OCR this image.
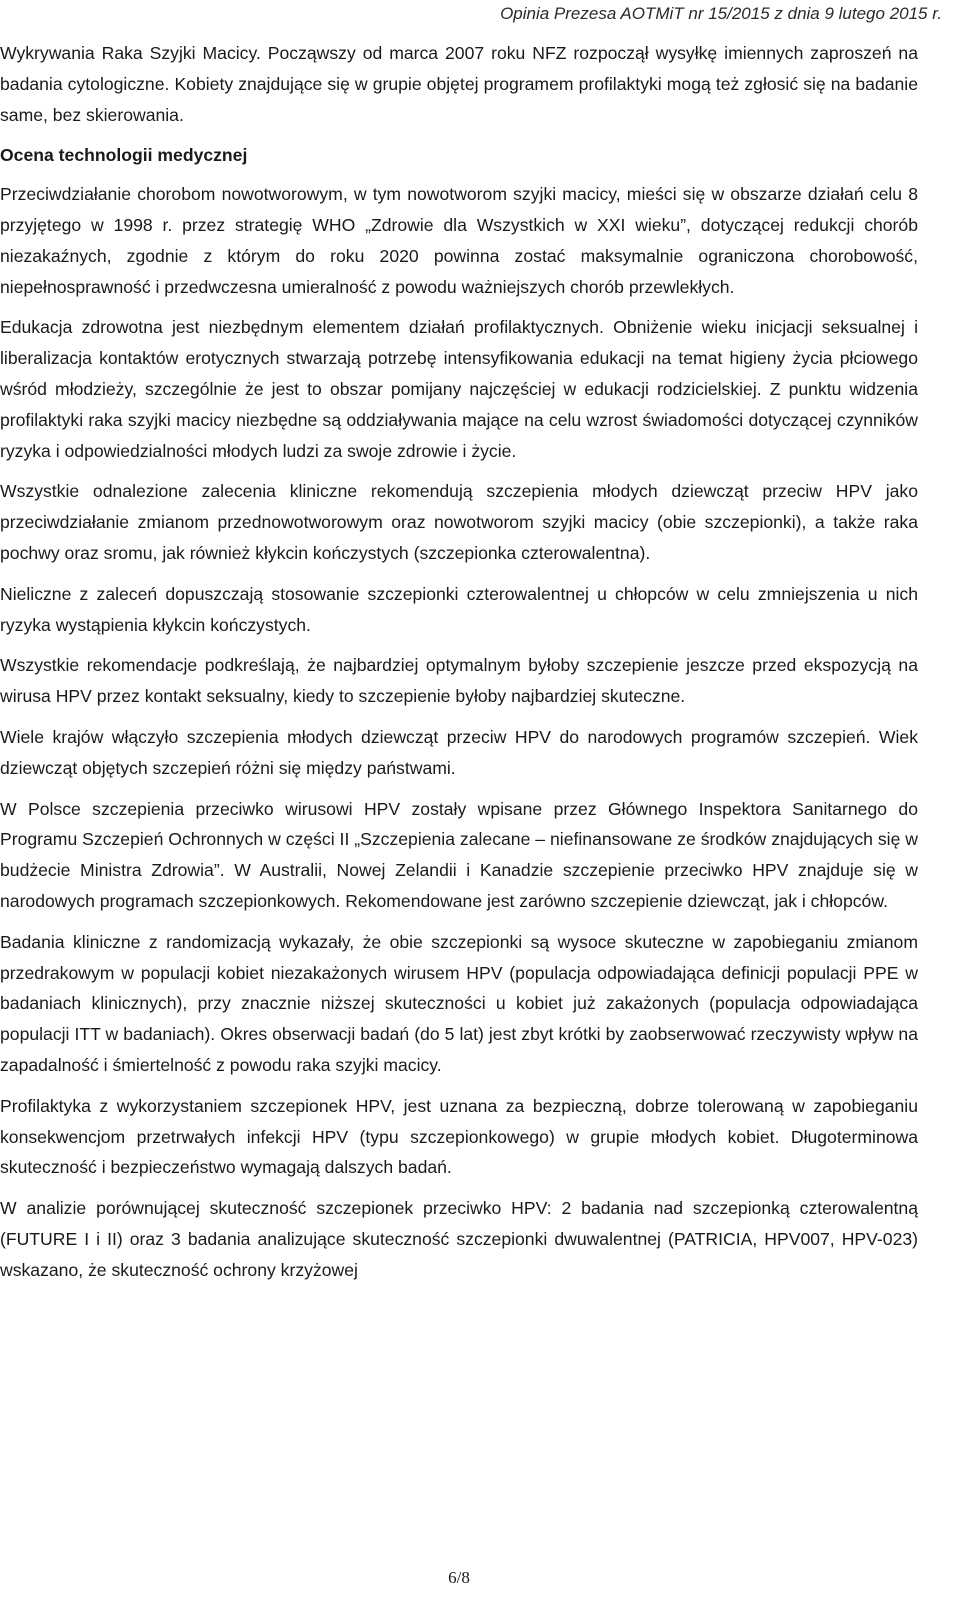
Opinia Prezesa AOTMiT nr 15/2015 z dnia 9 lutego 2015 r.

Wykrywania Raka Szyjki Macicy. Począwszy od marca 2007 roku NFZ rozpoczął wysyłkę imiennych zaproszeń na badania cytologiczne. Kobiety znajdujące się w grupie objętej programem profilaktyki mogą też zgłosić się na badanie same, bez skierowania.

Ocena technologii medycznej

Przeciwdziałanie chorobom nowotworowym, w tym nowotworom szyjki macicy, mieści się w obszarze działań celu 8 przyjętego w 1998 r. przez strategię WHO „Zdrowie dla Wszystkich w XXI wieku”, dotyczącej redukcji chorób niezakaźnych, zgodnie z którym do roku 2020 powinna zostać maksymalnie ograniczona chorobowość, niepełnosprawność i przedwczesna umieralność z powodu ważniejszych chorób przewlekłych.

Edukacja zdrowotna jest niezbędnym elementem działań profilaktycznych. Obniżenie wieku inicjacji seksualnej i liberalizacja kontaktów erotycznych stwarzają potrzebę intensyfikowania edukacji na temat higieny życia płciowego wśród młodzieży, szczególnie że jest to obszar pomijany najczęściej w edukacji rodzicielskiej. Z punktu widzenia profilaktyki raka szyjki macicy niezbędne są oddziaływania mające na celu wzrost świadomości dotyczącej czynników ryzyka i odpowiedzialności młodych ludzi za swoje zdrowie i życie.

Wszystkie odnalezione zalecenia kliniczne rekomendują szczepienia młodych dziewcząt przeciw HPV jako przeciwdziałanie zmianom przednowotworowym oraz nowotworom szyjki macicy (obie szczepionki), a także raka pochwy oraz sromu, jak również kłykcin kończystych (szczepionka czterowalentna).

Nieliczne z zaleceń dopuszczają stosowanie szczepionki czterowalentnej u chłopców w celu zmniejszenia u nich ryzyka wystąpienia kłykcin kończystych.

Wszystkie rekomendacje podkreślają, że najbardziej optymalnym byłoby szczepienie jeszcze przed ekspozycją na wirusa HPV przez kontakt seksualny, kiedy to szczepienie byłoby najbardziej skuteczne.

Wiele krajów włączyło szczepienia młodych dziewcząt przeciw HPV do narodowych programów szczepień. Wiek dziewcząt objętych szczepień różni się między państwami.

W Polsce szczepienia przeciwko wirusowi HPV zostały wpisane przez Głównego Inspektora Sanitarnego do Programu Szczepień Ochronnych w części II „Szczepienia zalecane – niefinansowane ze środków znajdujących się w budżecie Ministra Zdrowia”. W Australii, Nowej Zelandii i Kanadzie szczepienie przeciwko HPV znajduje się w narodowych programach szczepionkowych. Rekomendowane jest zarówno szczepienie dziewcząt, jak i chłopców.

Badania kliniczne z randomizacją wykazały, że obie szczepionki są wysoce skuteczne w zapobieganiu zmianom przedrakowym w populacji kobiet niezakażonych wirusem HPV (populacja odpowiadająca definicji populacji PPE w badaniach klinicznych), przy znacznie niższej skuteczności u kobiet już zakażonych (populacja odpowiadająca populacji ITT w badaniach). Okres obserwacji badań (do 5 lat) jest zbyt krótki by zaobserwować rzeczywisty wpływ na zapadalność i śmiertelność z powodu raka szyjki macicy.

Profilaktyka z wykorzystaniem szczepionek HPV, jest uznana za bezpieczną, dobrze tolerowaną w zapobieganiu konsekwencjom przetrwałych infekcji HPV (typu szczepionkowego) w grupie młodych kobiet. Długoterminowa skuteczność i bezpieczeństwo wymagają dalszych badań.

W analizie porównującej skuteczność szczepionek przeciwko HPV: 2 badania nad szczepionką czterowalentną (FUTURE I i II) oraz 3 badania analizujące skuteczność szczepionki dwuwalentnej (PATRICIA, HPV007, HPV-023) wskazano, że skuteczność ochrony krzyżowej

6/8
